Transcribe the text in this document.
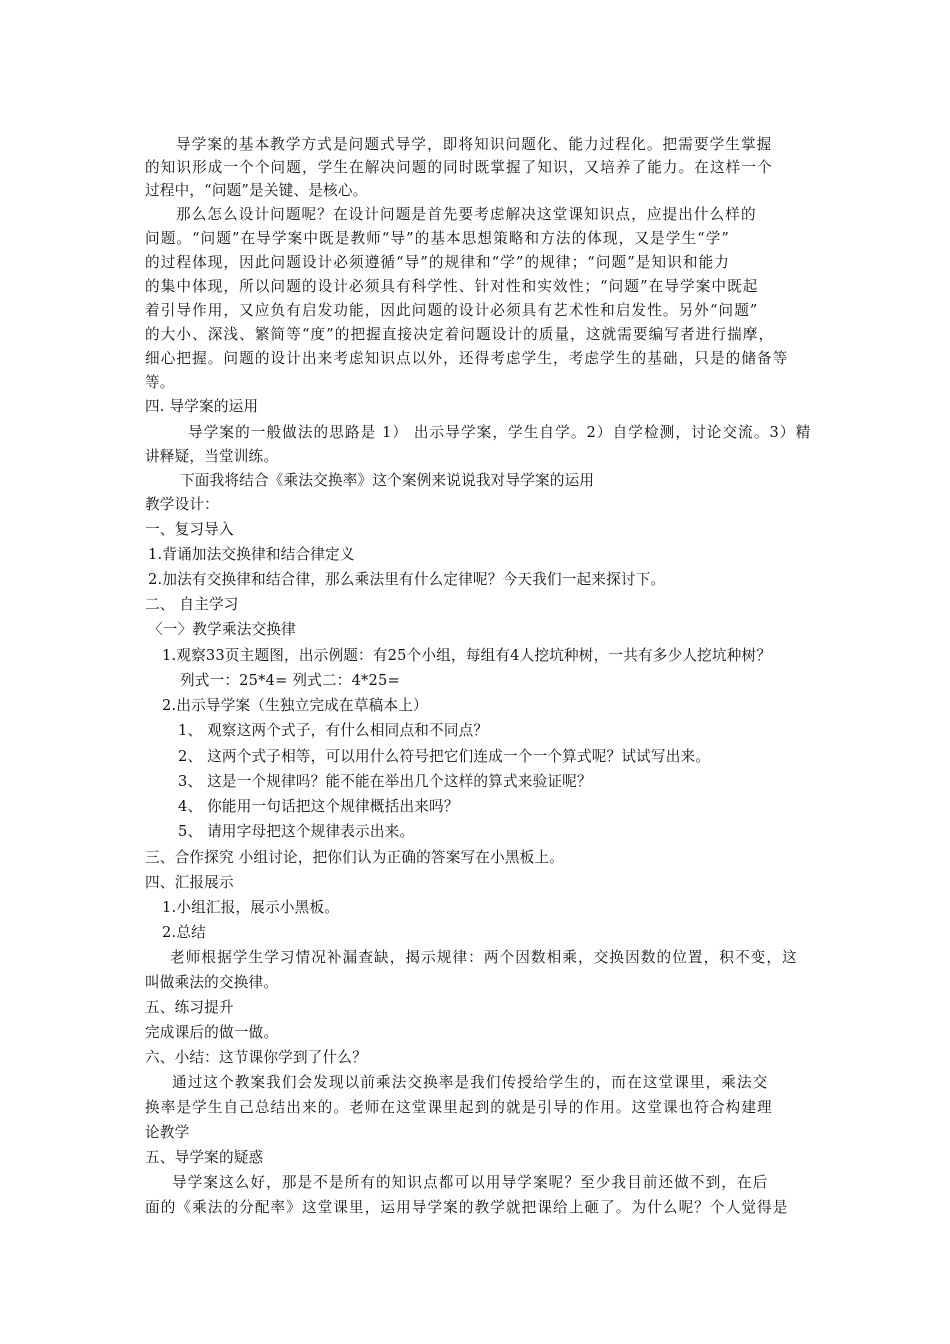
导学案的基本教学方式是问题式导学，即将知识问题化、能力过程化。把需要学生掌握
的知识形成一个个问题，学生在解决问题的同时既掌握了知识，又培养了能力。在这样一个
过程中，“问题”是关键、是核心。
那么怎么设计问题呢？在设计问题是首先要考虑解决这堂课知识点，应提出什么样的
问题。“问题”在导学案中既是教师“导”的基本思想策略和方法的体现，又是学生“学”
的过程体现，因此问题设计必须遵循“导”的规律和“学”的规律；“问题”是知识和能力
的集中体现，所以问题的设计必须具有科学性、针对性和实效性；“问题”在导学案中既起
着引导作用，又应负有启发功能，因此问题的设计必须具有艺术性和启发性。另外“问题”
的大小、深浅、繁简等“度”的把握直接决定着问题设计的质量，这就需要编写者进行揣摩，
细心把握。问题的设计出来考虑知识点以外，还得考虑学生，考虑学生的基础，只是的储备等
等。
四. 导学案的运用
导学案的一般做法的思路是 1） 出示导学案，学生自学。2）自学检测，讨论交流。3）精
讲释疑，当堂训练。
下面我将结合《乘法交换率》这个案例来说说我对导学案的运用
教学设计：
一、复习导入
1.背诵加法交换律和结合律定义
2.加法有交换律和结合律，那么乘法里有什么定律呢？今天我们一起来探讨下。
二、 自主学习
〈一〉教学乘法交换律
1.观察33页主题图，出示例题：有25个小组，每组有4人挖坑种树，一共有多少人挖坑种树？
列式一：25*4= 列式二：4*25=
2.出示导学案（生独立完成在草稿本上）
1、 观察这两个式子，有什么相同点和不同点？
2、 这两个式子相等，可以用什么符号把它们连成一个一个算式呢？试试写出来。
3、 这是一个规律吗？能不能在举出几个这样的算式来验证呢？
4、 你能用一句话把这个规律概括出来吗？
5、 请用字母把这个规律表示出来。
三、合作探究 小组讨论，把你们认为正确的答案写在小黑板上。
四、汇报展示
1.小组汇报，展示小黑板。
2.总结
老师根据学生学习情况补漏查缺，揭示规律：两个因数相乘，交换因数的位置，积不变，这
叫做乘法的交换律。
五、练习提升
完成课后的做一做。
六、小结：这节课你学到了什么？
通过这个教案我们会发现以前乘法交换率是我们传授给学生的，而在这堂课里，乘法交
换率是学生自己总结出来的。老师在这堂课里起到的就是引导的作用。这堂课也符合构建理
论教学
五、导学案的疑惑
导学案这么好，那是不是所有的知识点都可以用导学案呢？至少我目前还做不到，在后
面的《乘法的分配率》这堂课里，运用导学案的教学就把课给上砸了。为什么呢？个人觉得是
